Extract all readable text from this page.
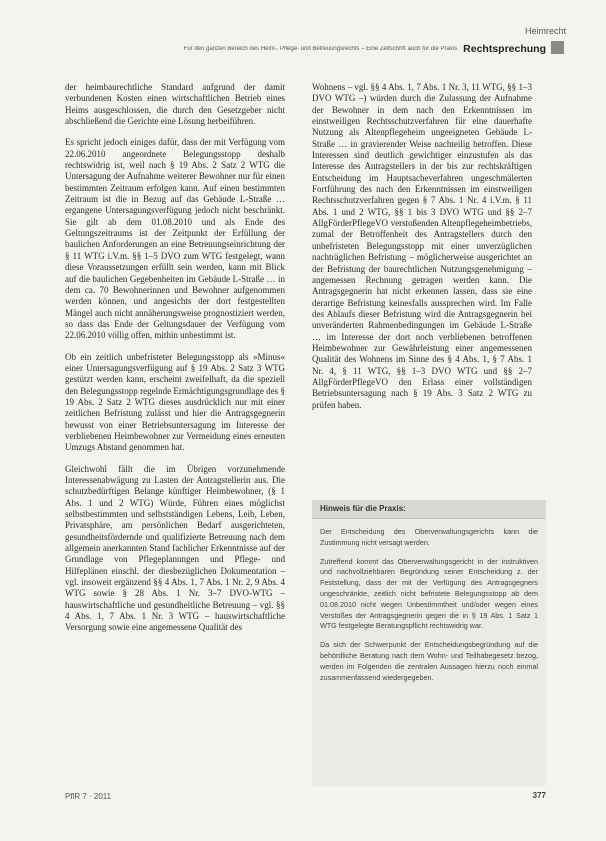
Heimrecht
Für den ganzen Bereich des Heim-, Pflege- und Betreuungsrechts – Eine Zeitschrift auch für die Praxis Rechtsprechung

der heimbaurechtliche Standard aufgrund der damit verbundenen Kosten einen wirtschaftlichen Betrieb eines Heims ausgeschlossen, die durch den Gesetzgeber nicht abschließend die Gerichte eine Lösung herbeiführen.

Es spricht jedoch einiges dafür, dass der mit Verfügung vom 22.06.2010 angeordnete Belegungsstopp deshalb rechtswidrig ist, weil nach § 19 Abs. 2 Satz 2 WTG die Untersagung der Aufnahme weiterer Bewohner nur für einen bestimmten Zeitraum erfolgen kann. Auf einen bestimmten Zeitraum ist die in Bezug auf das Gebäude L-Straße … ergangene Untersagungsverfügung jedoch nicht beschränkt. Sie gilt ab dem 01.08.2010 und als Ende des Geltungszeitraums ist der Zeitpunkt der Erfüllung der baulichen Anforderungen an eine Betreuungseinrichtung der § 11 WTG i.V.m. §§ 1–5 DVO zum WTG festgelegt, wann diese Voraussetzungen erfüllt sein werden, kann mit Blick auf die baulichen Gegebenheiten im Gebäude L-Straße … in dem ca. 70 Bewohnerinnen und Bewohner aufgenommen werden können, und angesichts der dort festgestellten Mängel auch nicht annäherungsweise prognostiziert werden, so dass das Ende der Geltungsdauer der Verfügung vom 22.06.2010 völlig offen, mithin unbestimmt ist.

Ob ein zeitlich unbefristeter Belegungsstopp als »Minus« einer Untersagungsverfügung auf § 19 Abs. 2 Satz 3 WTG gestützt werden kann, erscheint zweifelhaft, da die speziell den Belegungsstopp regelnde Ermächtigungsgrundlage des § 19 Abs. 2 Satz 2 WTG dieses ausdrücklich nur mit einer zeitlichen Befristung zulässt und hier die Antragsgegnerin bewusst von einer Betriebsuntersagung im Interesse der verbliebenen Heimbewohner zur Vermeidung eines erneuten Umzugs Abstand genommen hat.

Gleichwohl fällt die im Übrigen vorzunehmende Interessenabwägung zu Lasten der Antragstellerin aus. Die schutzbedürftigen Belange künftiger Heimbewohner, (§ 1 Abs. 1 und 2 WTG) Würde, Führen eines möglichst selbstbestimmten und selbstständigen Lebens, Leib, Leben, Privatsphäre, am persönlichen Bedarf ausgerichteten, gesundheitsfördernde und qualifizierte Betreuung nach dem allgemein anerkannten Stand fachlicher Erkenntnisse auf der Grundlage von Pflegeplanungen und Pflege- und Hilfeplänen einschl. der diesbezüglichen Dokumentation – vgl. insoweit ergänzend §§ 4 Abs. 1, 7 Abs. 1 Nr. 2, 9 Abs. 4 WTG sowie § 28 Abs. 1 Nr. 3–7 DVO-WTG – hauswirtschaftliche und gesundheitliche Betreuung – vgl. §§ 4 Abs. 1, 7 Abs. 1 Nr. 3 WTG – hauswirtschaftliche Versorgung sowie eine angemessene Qualität des

Wohnens – vgl. §§ 4 Abs. 1, 7 Abs. 1 Nr. 3, 11 WTG, §§ 1–3 DVO WTG –) würden durch die Zulassung der Aufnahme der Bewohner in dem nach den Erkenntnissen im einstweiligen Rechtsschutzverfahren für eine dauerhafte Nutzung als Altenpflegeheim ungeeigneten Gebäude L-Straße … in gravierender Weise nachteilig betroffen. Diese Interessen sind deutlich gewichtiger einzustufen als das Interesse des Antragstellers in der bis zur rechtskräftigen Entscheidung im Hauptsacheverfahren ungeschmälerten Fortführung des nach den Erkenntnissen im einstweiligen Rechtsschutzverfahren gegen § 7 Abs. 1 Nr. 4 i.V.m. § 11 Abs. 1 und 2 WTG, §§ 1 bis 3 DVO WTG und §§ 2–7 AllgFörderPflegeVO verstoßenden Altenpflegeheimbetriebs, zumal der Betroffenheit des Antragstellers durch den unbefristeten Belegungsstopp mit einer unverzüglichen nachträglichen Befristung – möglicherweise ausgerichtet an der Befristung der baurechtlichen Nutzungsgenehmigung – angemessen Rechnung getragen werden kann. Die Antragsgegnerin hat nicht erkennen lassen, dass sie eine derartige Befristung keinesfalls aussprechen wird. Im Falle des Ablaufs dieser Befristung wird die Antragsgegnerin bei unveränderten Rahmenbedingungen im Gebäude L-Straße … im Interesse der dort noch verbliebenen betroffenen Heimbewohner zur Gewährleistung einer angemessenen Qualität des Wohnens im Sinne des § 4 Abs. 1, § 7 Abs. 1 Nr. 4, § 11 WTG, §§ 1–3 DVO WTG und §§ 2–7 AllgFörderPflegeVO den Erlass einer vollständigen Betriebsuntersagung nach § 19 Abs. 3 Satz 2 WTG zu prüfen haben.

Hinweis für die Praxis:

Der Entscheidung des Oberverwaltungsgerichts kann die Zustimmung nicht versagt werden.

Zutreffend kommt das Oberverwaltungsgericht in der instruktiven und nachvollziehbaren Begründung seiner Entscheidung z. der Feststellung, dass der mit der Verfügung des Antragsgegners ungeschränkte, zeitlich nicht befristete Belegungsstopp ab dem 01.08.2010 nicht wegen Unbestimmtheit und/oder wegen eines Verstoßes der Antragsgegnerin gegen die in § 19 Abs. 1 Satz 1 WTG festgelegte Beratungspflicht rechtswidrig war.

Da sich der Schwerpunkt der Entscheidungsbegründung auf die behördliche Beratung nach dem Wohn- und Teilhabegesetz bezog, werden im Folgenden die zentralen Aussagen hierzu noch einmal zusammenfassend wiedergegeben.

PflR 7 · 2011	377
